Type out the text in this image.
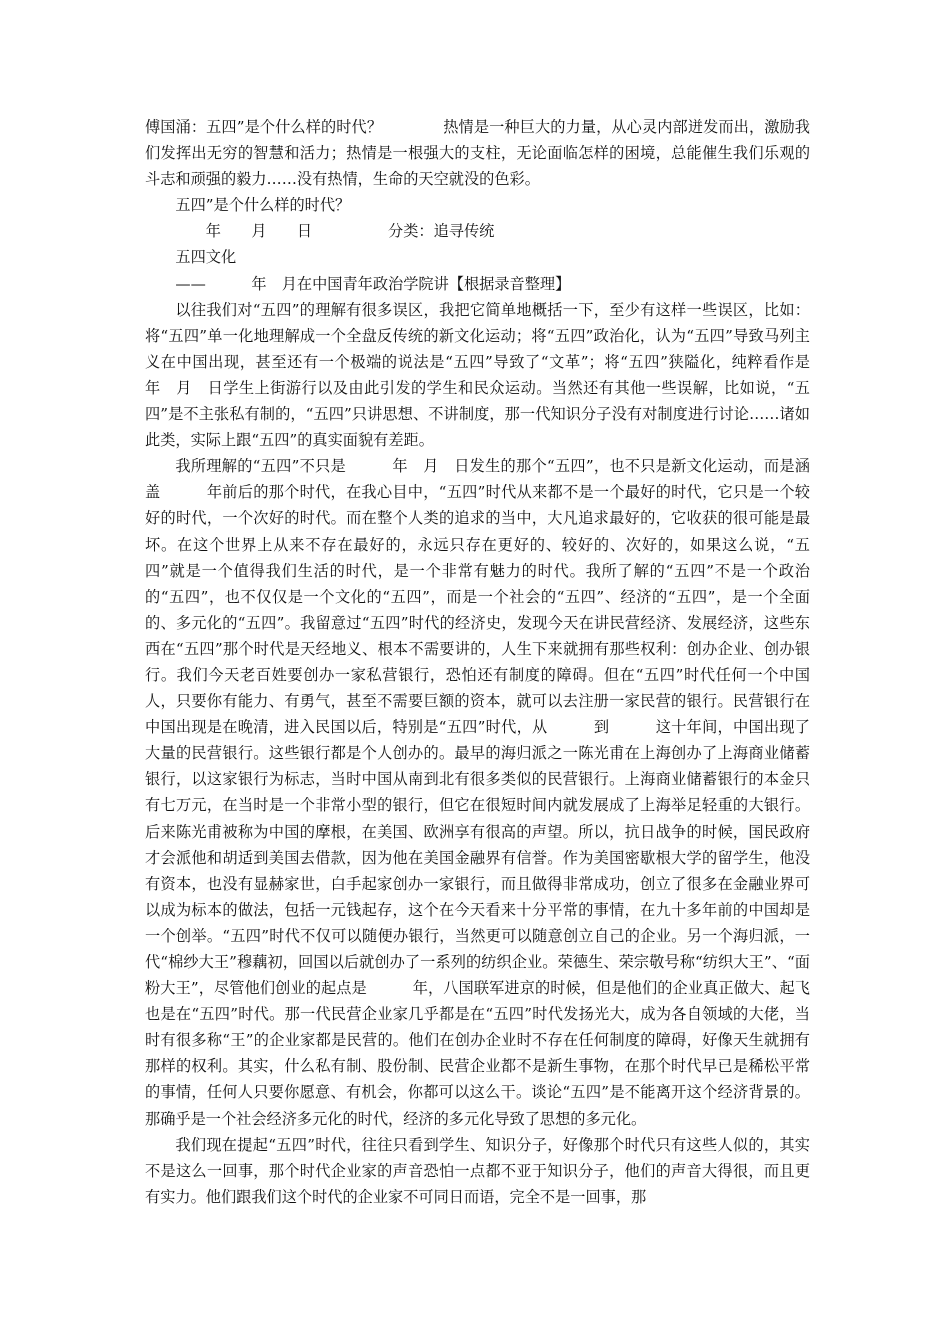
傅国涌：五四”是个什么样的时代？　　　　热情是一种巨大的力量，从心灵内部迸发而出，激励我们发挥出无穷的智慧和活力；热情是一根强大的支柱，无论面临怎样的困境，总能催生我们乐观的斗志和顽强的毅力……没有热情，生命的天空就没的色彩。

五四”是个什么样的时代？

　　年　　月　　日　　　　　分类：追寻传统

五四文化

——　　　年　月在中国青年政治学院讲【根据录音整理】

以往我们对“五四”的理解有很多误区，我把它简单地概括一下，至少有这样一些误区，比如：将“五四”单一化地理解成一个全盘反传统的新文化运动；将“五四”政治化，认为“五四”导致马列主义在中国出现，甚至还有一个极端的说法是“五四”导致了“文革”；将“五四”狭隘化，纯粹看作是　　　年　月　日学生上街游行以及由此引发的学生和民众运动。当然还有其他一些误解，比如说，“五四”是不主张私有制的，“五四”只讲思想、不讲制度，那一代知识分子没有对制度进行讨论……诸如此类，实际上跟“五四”的真实面貌有差距。

我所理解的“五四”不只是　　　年　月　日发生的那个“五四”，也不只是新文化运动，而是涵盖　　　年前后的那个时代，在我心目中，“五四”时代从来都不是一个最好的时代，它只是一个较好的时代，一个次好的时代。而在整个人类的追求的当中，大凡追求最好的，它收获的很可能是最坏。在这个世界上从来不存在最好的，永远只存在更好的、较好的、次好的，如果这么说，“五四”就是一个值得我们生活的时代，是一个非常有魅力的时代。我所了解的“五四”不是一个政治的“五四”，也不仅仅是一个文化的“五四”，而是一个社会的“五四”、经济的“五四”，是一个全面的、多元化的“五四”。我留意过“五四”时代的经济史，发现今天在讲民营经济、发展经济，这些东西在“五四”那个时代是天经地义、根本不需要讲的，人生下来就拥有那些权利：创办企业、创办银行。我们今天老百姓要创办一家私营银行，恐怕还有制度的障碍。但在“五四”时代任何一个中国人，只要你有能力、有勇气，甚至不需要巨额的资本，就可以去注册一家民营的银行。民营银行在中国出现是在晚清，进入民国以后，特别是“五四”时代，从　　　到　　　这十年间，中国出现了大量的民营银行。这些银行都是个人创办的。最早的海归派之一陈光甫在上海创办了上海商业储蓄银行，以这家银行为标志，当时中国从南到北有很多类似的民营银行。上海商业储蓄银行的本金只有七万元，在当时是一个非常小型的银行，但它在很短时间内就发展成了上海举足轻重的大银行。后来陈光甫被称为中国的摩根，在美国、欧洲享有很高的声望。所以，抗日战争的时候，国民政府才会派他和胡适到美国去借款，因为他在美国金融界有信誉。作为美国密歇根大学的留学生，他没有资本，也没有显赫家世，白手起家创办一家银行，而且做得非常成功，创立了很多在金融业界可以成为标本的做法，包括一元钱起存，这个在今天看来十分平常的事情，在九十多年前的中国却是一个创举。“五四”时代不仅可以随便办银行，当然更可以随意创立自己的企业。另一个海归派，一代“棉纱大王”穆藕初，回国以后就创办了一系列的纺织企业。荣德生、荣宗敬号称“纺织大王”、“面粉大王”，尽管他们创业的起点是　　　年，八国联军进京的时候，但是他们的企业真正做大、起飞也是在“五四”时代。那一代民营企业家几乎都是在“五四”时代发扬光大，成为各自领域的大佬，当时有很多称“王”的企业家都是民营的。他们在创办企业时不存在任何制度的障碍，好像天生就拥有那样的权利。其实，什么私有制、股份制、民营企业都不是新生事物，在那个时代早已是稀松平常的事情，任何人只要你愿意、有机会，你都可以这么干。谈论“五四”是不能离开这个经济背景的。那确乎是一个社会经济多元化的时代，经济的多元化导致了思想的多元化。

我们现在提起“五四”时代，往往只看到学生、知识分子，好像那个时代只有这些人似的，其实不是这么一回事，那个时代企业家的声音恐怕一点都不亚于知识分子，他们的声音大得很，而且更有实力。他们跟我们这个时代的企业家不可同日而语，完全不是一回事，那
